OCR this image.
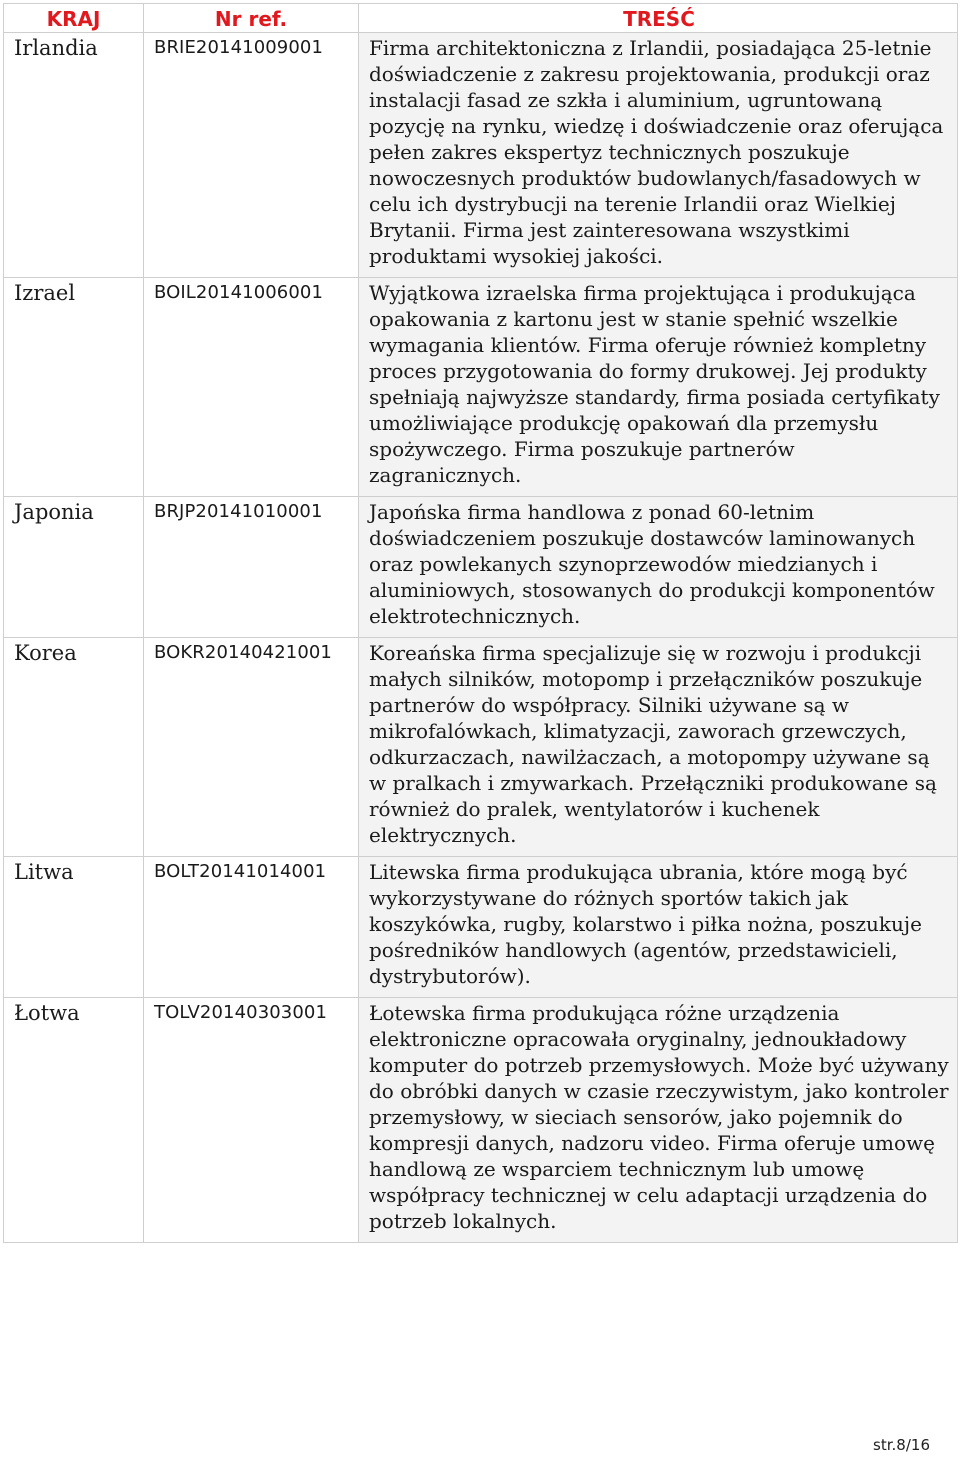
KRAJ	Nr ref.	TREŚĆ
Irlandia	BRIE20141009001	Firma architektoniczna z Irlandii, posiadająca 25-letnie doświadczenie z zakresu projektowania, produkcji oraz instalacji fasad ze szkła i aluminium, ugruntowaną pozycję na rynku, wiedzę i doświadczenie oraz oferująca pełen zakres ekspertyz technicznych poszukuje nowoczesnych produktów budowlanych/fasadowych w celu ich dystrybucji na terenie Irlandii oraz Wielkiej Brytanii. Firma jest zainteresowana wszystkimi produktami wysokiej jakości.
Izrael	BOIL20141006001	Wyjątkowa izraelska firma projektująca i produkująca opakowania z kartonu jest w stanie spełnić wszelkie wymagania klientów. Firma oferuje również kompletny proces przygotowania do formy drukowej. Jej produkty spełniają najwyższe standardy, firma posiada certyfikaty umożliwiające produkcję opakowań dla przemysłu spożywczego. Firma poszukuje partnerów zagranicznych.
Japonia	BRJP20141010001	Japońska firma handlowa z ponad 60-letnim doświadczeniem poszukuje dostawców laminowanych oraz powlekanych szynoprzewodów miedzianych i aluminiowych, stosowanych do produkcji komponentów elektrotechnicznych.
Korea	BOKR20140421001	Koreańska firma specjalizuje się w rozwoju i produkcji małych silników, motopomp i przełączników poszukuje partnerów do współpracy. Silniki używane są w mikrofalówkach, klimatyzacji, zaworach grzewczych, odkurzaczach, nawilżaczach, a motopompy używane są w pralkach i zmywarkach. Przełączniki produkowane są również do pralek, wentylatorów i kuchenek elektrycznych.
Litwa	BOLT20141014001	Litewska firma produkująca ubrania, które mogą być wykorzystywane do różnych sportów takich jak koszykówka, rugby, kolarstwo i piłka nożna, poszukuje pośredników handlowych (agentów, przedstawicieli, dystrybutorów).
Łotwa	TOLV20140303001	Łotewska firma produkująca różne urządzenia elektroniczne opracowała oryginalny, jednoukładowy komputer do potrzeb przemysłowych. Może być używany do obróbki danych w czasie rzeczywistym, jako kontroler przemysłowy, w sieciach sensorów, jako pojemnik do kompresji danych, nadzoru video. Firma oferuje umowę handlową ze wsparciem technicznym lub umowę współpracy technicznej w celu adaptacji urządzenia do potrzeb lokalnych.
str.8/16
